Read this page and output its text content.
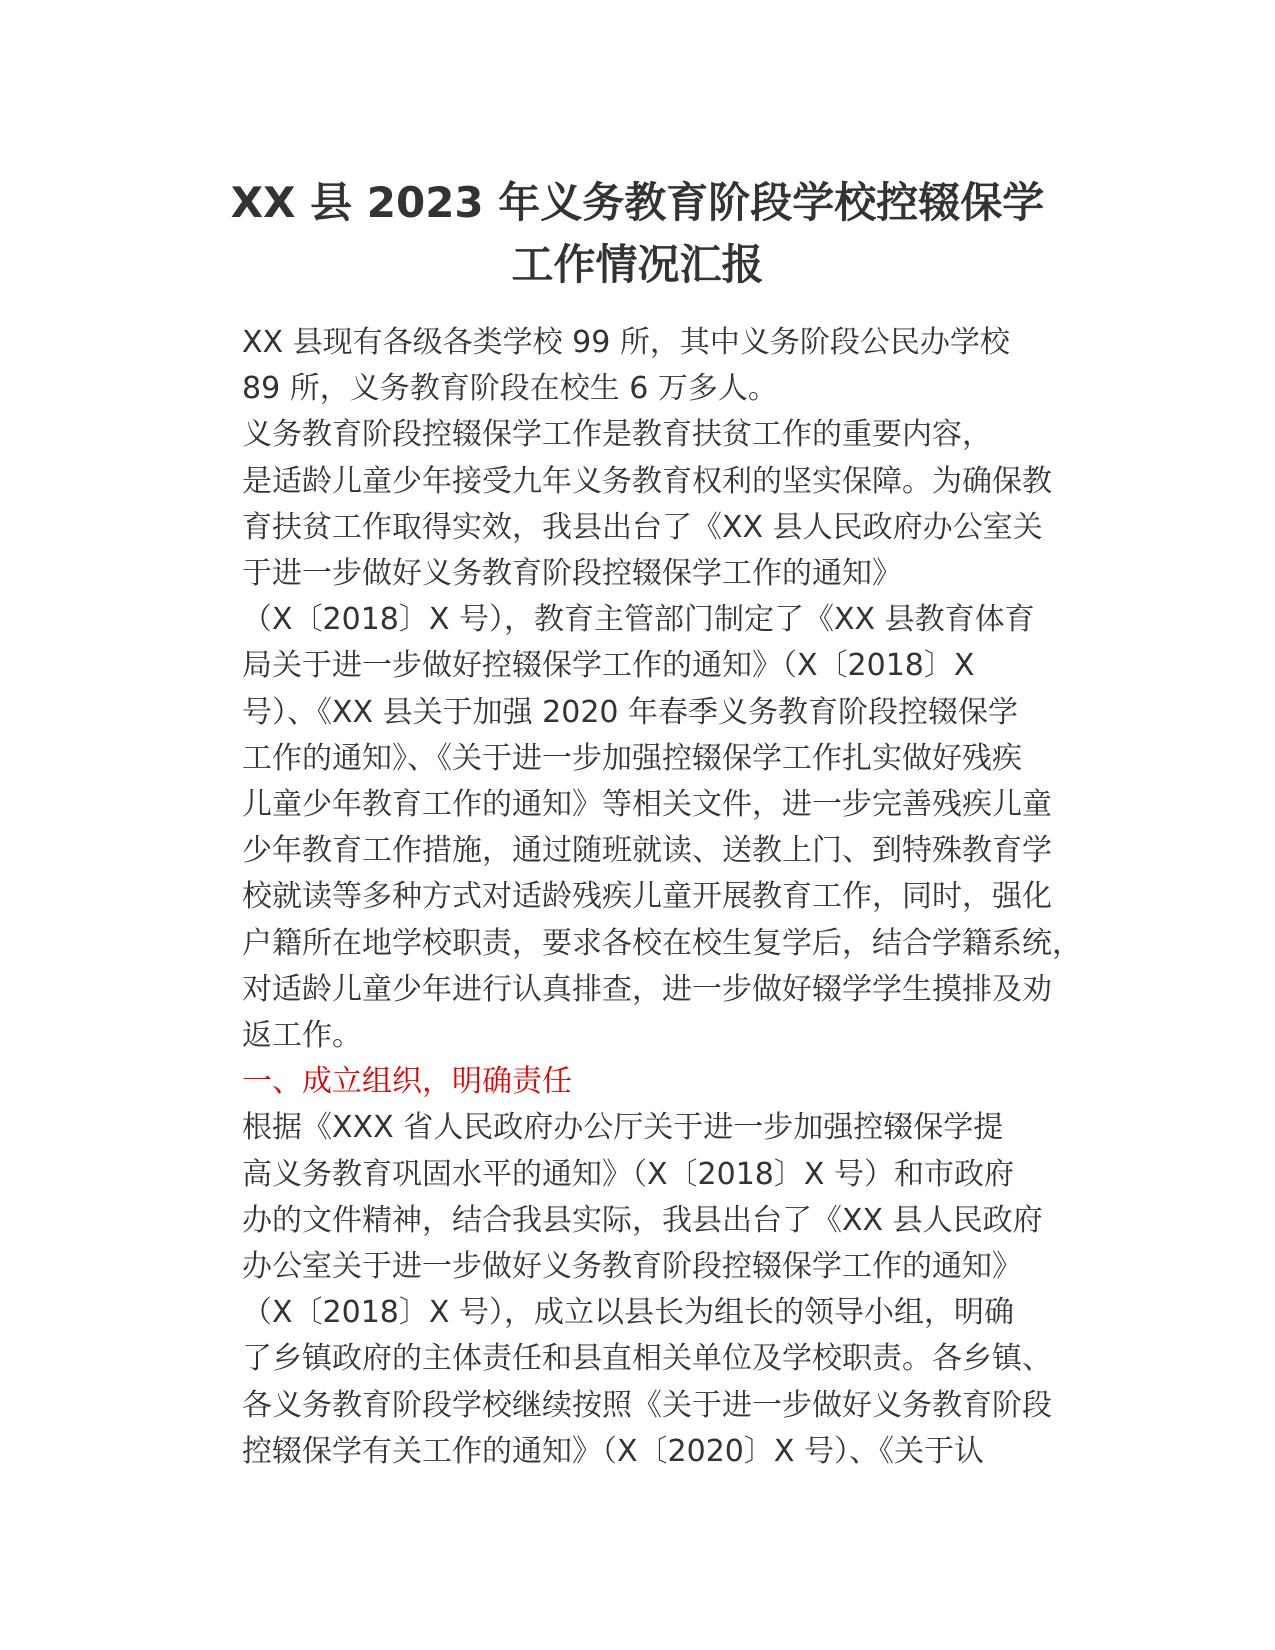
XX 县 2023 年义务教育阶段学校控辍保学
工作情况汇报

XX 县现有各级各类学校 99 所，其中义务阶段公民办学校
89 所，义务教育阶段在校生 6 万多人。

义务教育阶段控辍保学工作是教育扶贫工作的重要内容，
是适龄儿童少年接受九年义务教育权利的坚实保障。为确保教
育扶贫工作取得实效，我县出台了《XX 县人民政府办公室关
于进一步做好义务教育阶段控辍保学工作的通知》
（X〔2018〕X 号），教育主管部门制定了《XX 县教育体育
局关于进一步做好控辍保学工作的通知》（X〔2018〕X
号）、《XX 县关于加强 2020 年春季义务教育阶段控辍保学
工作的通知》、《关于进一步加强控辍保学工作扎实做好残疾
儿童少年教育工作的通知》等相关文件，进一步完善残疾儿童
少年教育工作措施，通过随班就读、送教上门、到特殊教育学
校就读等多种方式对适龄残疾儿童开展教育工作，同时，强化
户籍所在地学校职责，要求各校在校生复学后，结合学籍系统，
对适龄儿童少年进行认真排查，进一步做好辍学学生摸排及劝
返工作。

一、成立组织，明确责任

根据《XXX 省人民政府办公厅关于进一步加强控辍保学提
高义务教育巩固水平的通知》（X〔2018〕X 号）和市政府
办的文件精神，结合我县实际，我县出台了《XX 县人民政府
办公室关于进一步做好义务教育阶段控辍保学工作的通知》
（X〔2018〕X 号），成立以县长为组长的领导小组，明确
了乡镇政府的主体责任和县直相关单位及学校职责。各乡镇、
各义务教育阶段学校继续按照《关于进一步做好义务教育阶段
控辍保学有关工作的通知》（X〔2020〕X 号）、《关于认
